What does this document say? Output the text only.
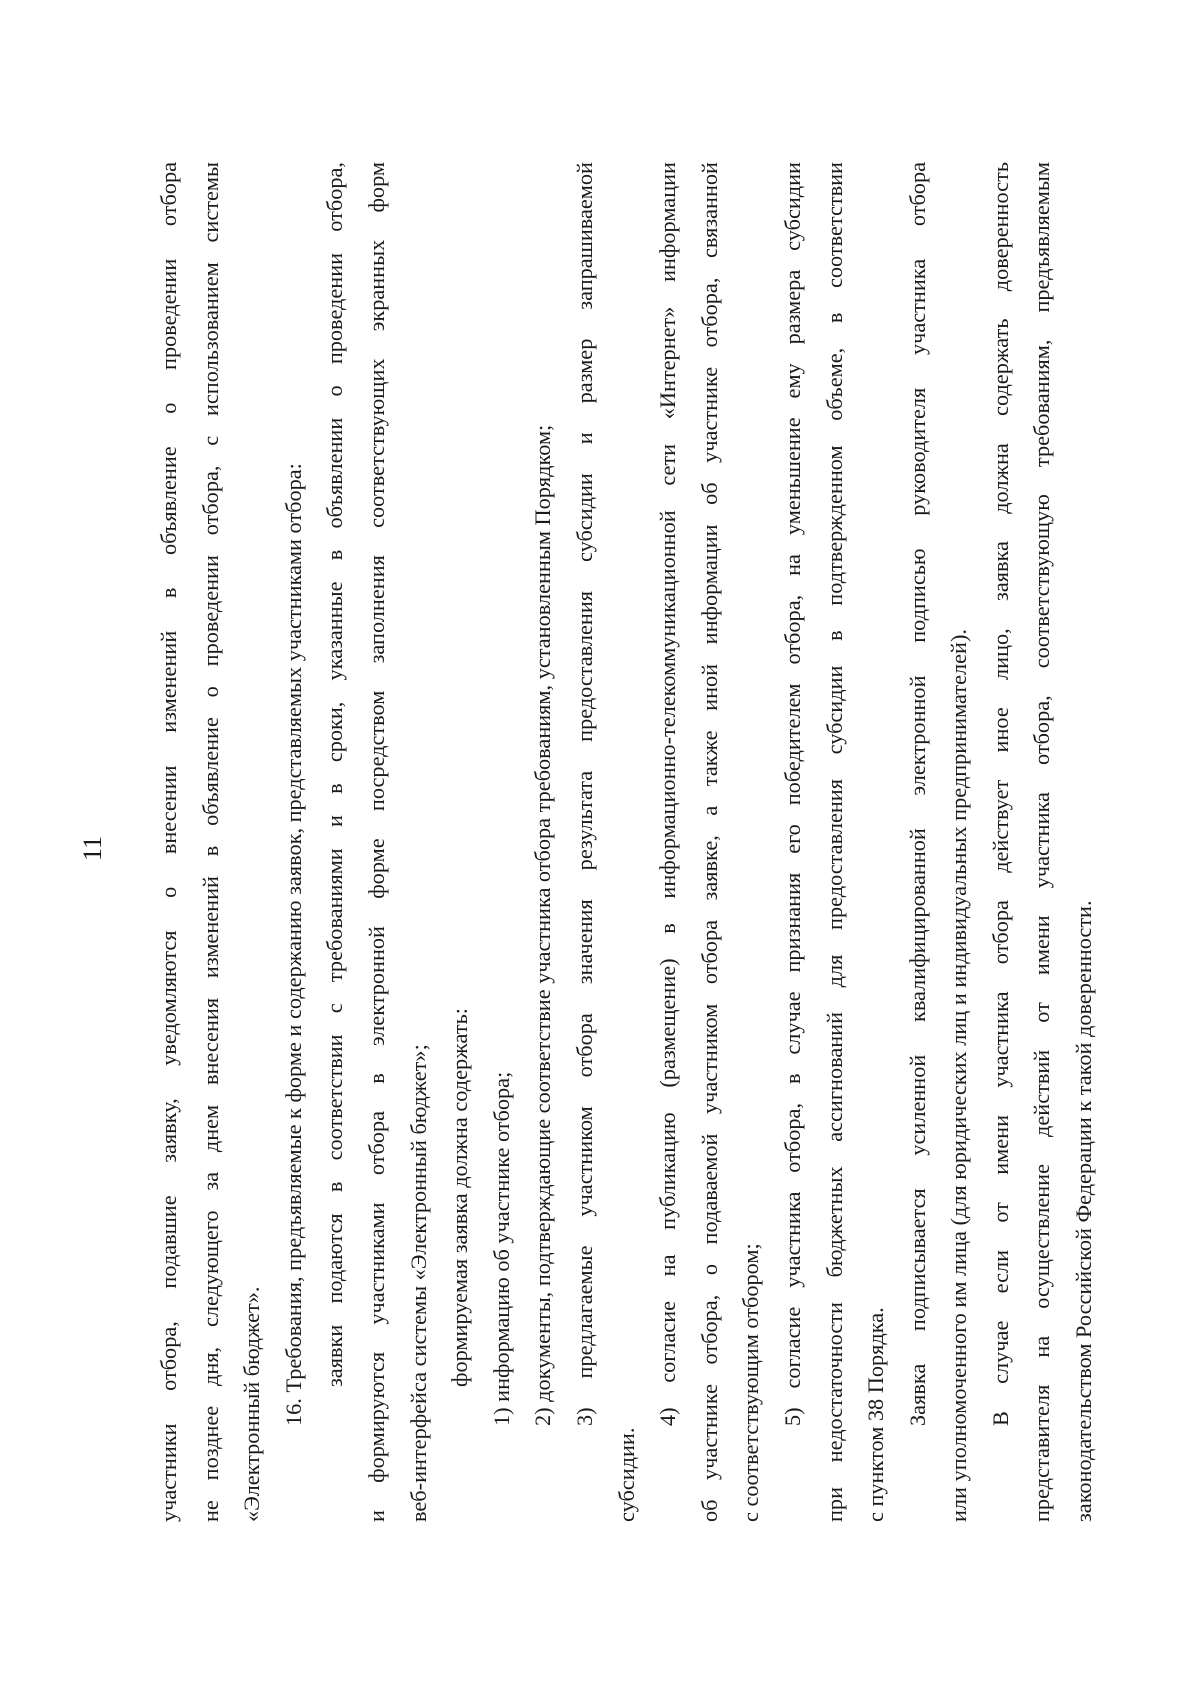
11	участники отбора, подавшие заявку, уведомляются о внесении изменений в объявление о проведении отбора не позднее дня, следующего за днем внесения изменений в объявление о проведении отбора, с использованием системы «Электронный бюджет». 16. Требования, предъявляемые к форме и содержанию заявок, представляемых участниками отбора: заявки подаются в соответствии с требованиями и в сроки, указанные в объявлении о проведении отбора, и формируются участниками отбора в электронной форме посредством заполнения соответствующих экранных форм веб-интерфейса системы «Электронный бюджет»; формируемая заявка должна содержать: 1) информацию об участнике отбора; 2) документы, подтверждающие соответствие участника отбора требованиям, установленным Порядком; 3) предлагаемые участником отбора значения результата предоставления субсидии и размер запрашиваемой

субсидии.

4) согласие на публикацию (размещение) в информационно-телекоммуникационной сети «Интернет» информации об участнике отбора, о подаваемой участником отбора заявке, а также иной информации об участнике отбора, связанной с соответствующим отбором; 5) согласие участника отбора, в случае признания его победителем отбора, на уменьшение ему размера субсидии при недостаточности бюджетных ассигнований для предоставления субсидии в подтвержденном объеме, в соответствии с пунктом 38 Порядка. Заявка подписывается усиленной квалифицированной электронной подписью руководителя участника отбора или уполномоченного им лица (для юридических лиц и индивидуальных предпринимателей). В случае если от имени участника отбора действует иное лицо, заявка должна содержать доверенность представителя на осуществление действий от имени участника отбора, соответствующую требованиям, предъявляемым законодательством Российской Федерации к такой доверенности.
